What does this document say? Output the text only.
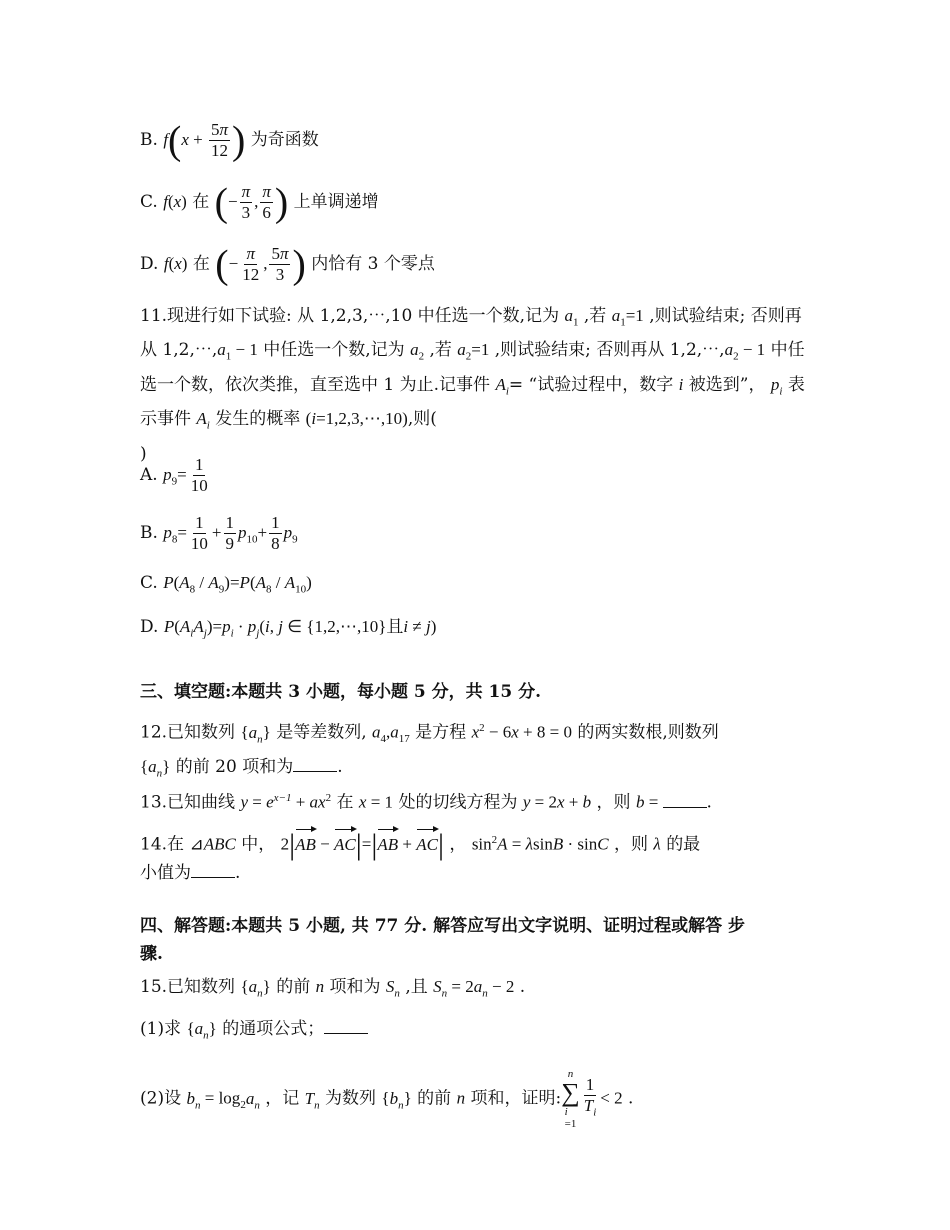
B. $f(x + \frac{5\pi}{12}$ ) 为奇函数
C. f(x) 在 (− $\frac{\pi}{3}$ , $\frac{\pi}{6}$ ) 上单调递增
D. f(x) 在 (− $\frac{\pi}{12}$ , $\frac{5\pi}{3}$ ) 内恰有 3 个零点
11.现进行如下试验: 从 1,2,3,⋯,10 中任选一个数,记为 $a_1$ ,若 $a_1=1$ ,则试验结束; 否则再从 $1,2,\cdots,a_1 - 1$ 中任选一个数,记为 $a_2$ ,若 $a_2=1$ ,则试验结束; 否则再从 $1,2,\cdots,a_2 - 1$ 中任选一个数，依次类推，直至选中 1 为止.记事件 $A_i=$ “试验过程中，数字 i 被选到”， $p_i$ 表示事件 $A_i$ 发生的概率 (i=1,2,3,⋯,10),则(
)
A. $p_9= \frac{1}{10}$
B. $p_8= \frac{1}{10} + \frac{1}{9} p_{10}+ \frac{1}{8} p_9$
C. $P(A_8 / A_9)=P(A_8 / A_{10})$
D. $P(A_iA_j)=p_i \cdot p_j(i$, j ∈ {1,2,⋯,10}且i ≠ j)
三、填空题:本题共 3 小题，每小题 5 分，共 15 分.
12.已知数列 $\{a_n\}$ 是等差数列, $a_4,a_{17}$ 是方程 $x^2 - 6x + 8 = 0$ 的两实数根,则数列
$\{a_n\}$ 的前 20 项和为	.
13.已知曲线 $y = e^{x-1} + ax^2$ 在 x = 1 处的切线方程为 y = 2x + b ，则 b =	.
14.在 ⊿ABC 中， 2|AB − AC|=|AB + AC| ， $\sin^2A = \lambda\sin B \cdot \sin C$ ，则 λ 的最
小值为	.
四、解答题:本题共 5 小题, 共 77 分. 解答应写出文字说明、证明过程或解答 步
骤.
15.已知数列 $\{a_n\}$ 的前 n 项和为 $S_n$ ,且 $S_n = 2a_n - 2$ .
(1)求 $\{a_n\}$ 的通项公式；
(2)设 $b_n = \log_2a_n$ ，记 $T_n$ 为数列 $\{b_n\}$ 的前 n 项和，证明:
n
∑
i
=1
$\frac{1}{T_i} < 2$ .
